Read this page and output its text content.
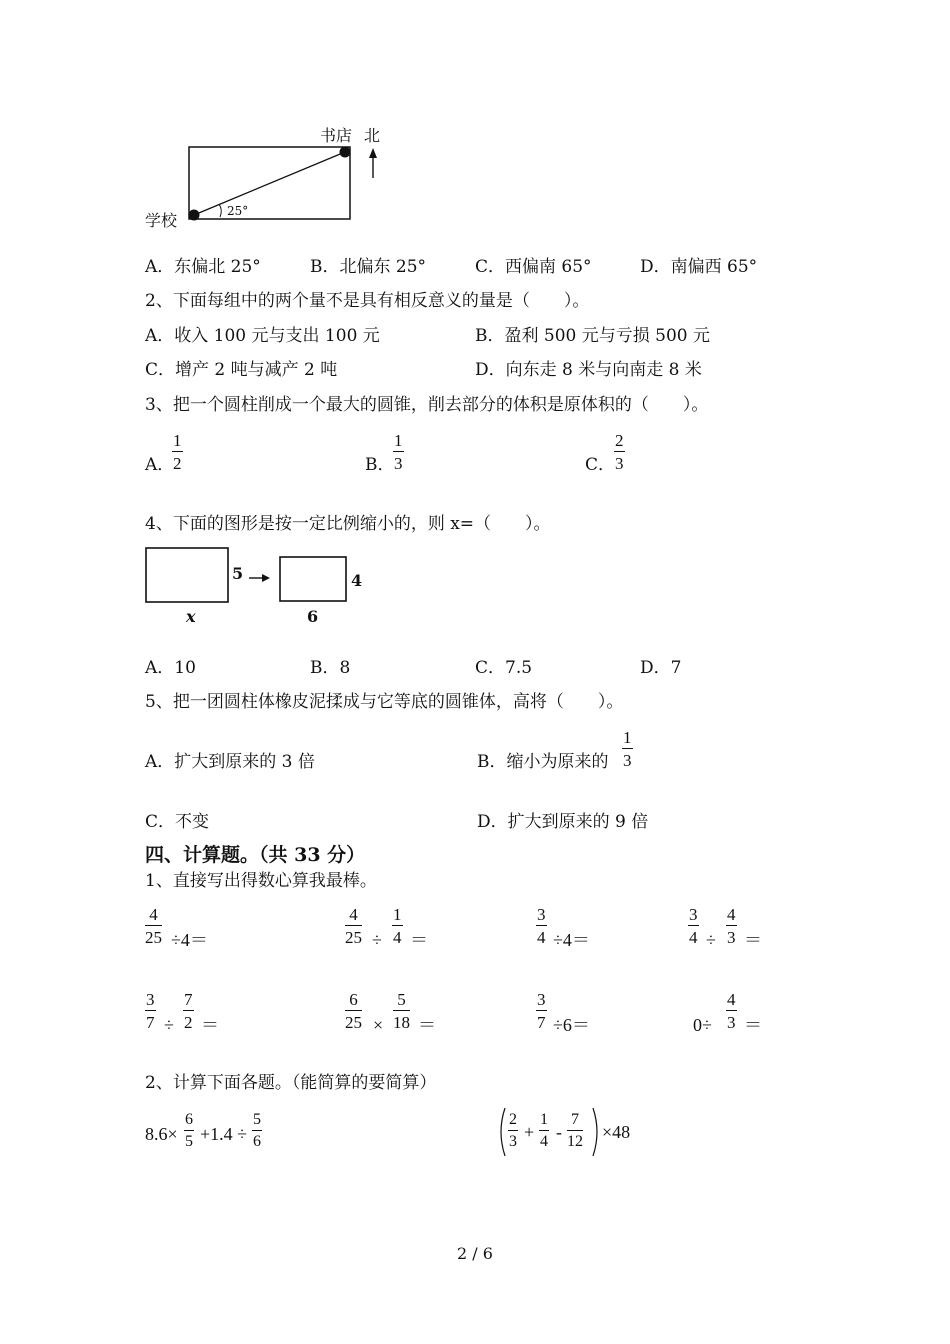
书店 北
学校	25°
A．东偏北 25°	B．北偏东 25°	C．西偏南 65°	D．南偏西 65°
2、下面每组中的两个量不是具有相反意义的量是（　　）。
A．收入 100 元与支出 100 元	B．盈利 500 元与亏损 500 元
C．增产 2 吨与减产 2 吨	D．向东走 8 米与向南走 8 米
3、把一个圆柱削成一个最大的圆锥，削去部分的体积是原体积的（　　）。
A．
$\frac{1}{2}$	B．
$\frac{1}{3}$	C．
$\frac{2}{3}$
4、下面的图形是按一定比例缩小的，则 x=（　　）。
5
x
4
6
A．10	B．8	C．7.5	D．7
5、把一团圆柱体橡皮泥揉成与它等底的圆锥体，高将（　　）。
A．扩大到原来的 3 倍	B．缩小为原来的 $\frac{1}{3}$
C．不变	D．扩大到原来的 9 倍
四、计算题。（共 33 分）
1、直接写出得数心算我最棒。
$\frac{4}{25} \div 4=$	$\frac{4}{25} \div \frac{1}{4}$ ＝	$\frac{3}{4} \div 4=$	$\frac{3}{4} \div \frac{4}{3}$ ＝
$\frac{3}{7} \div \frac{7}{2}$ ＝	$\frac{6}{25} \times \frac{5}{18}$ ＝	$\frac{3}{7} \div 6=$	$0\div \frac{4}{3}$ ＝
2、计算下面各题。（能简算的要简算）
$8.6\times \frac{6}{5} +1.4 \div \frac{5}{6}$	$\frac{2}{3} + \frac{1}{4} - \frac{7}{12} \times 48$
2 / 6
